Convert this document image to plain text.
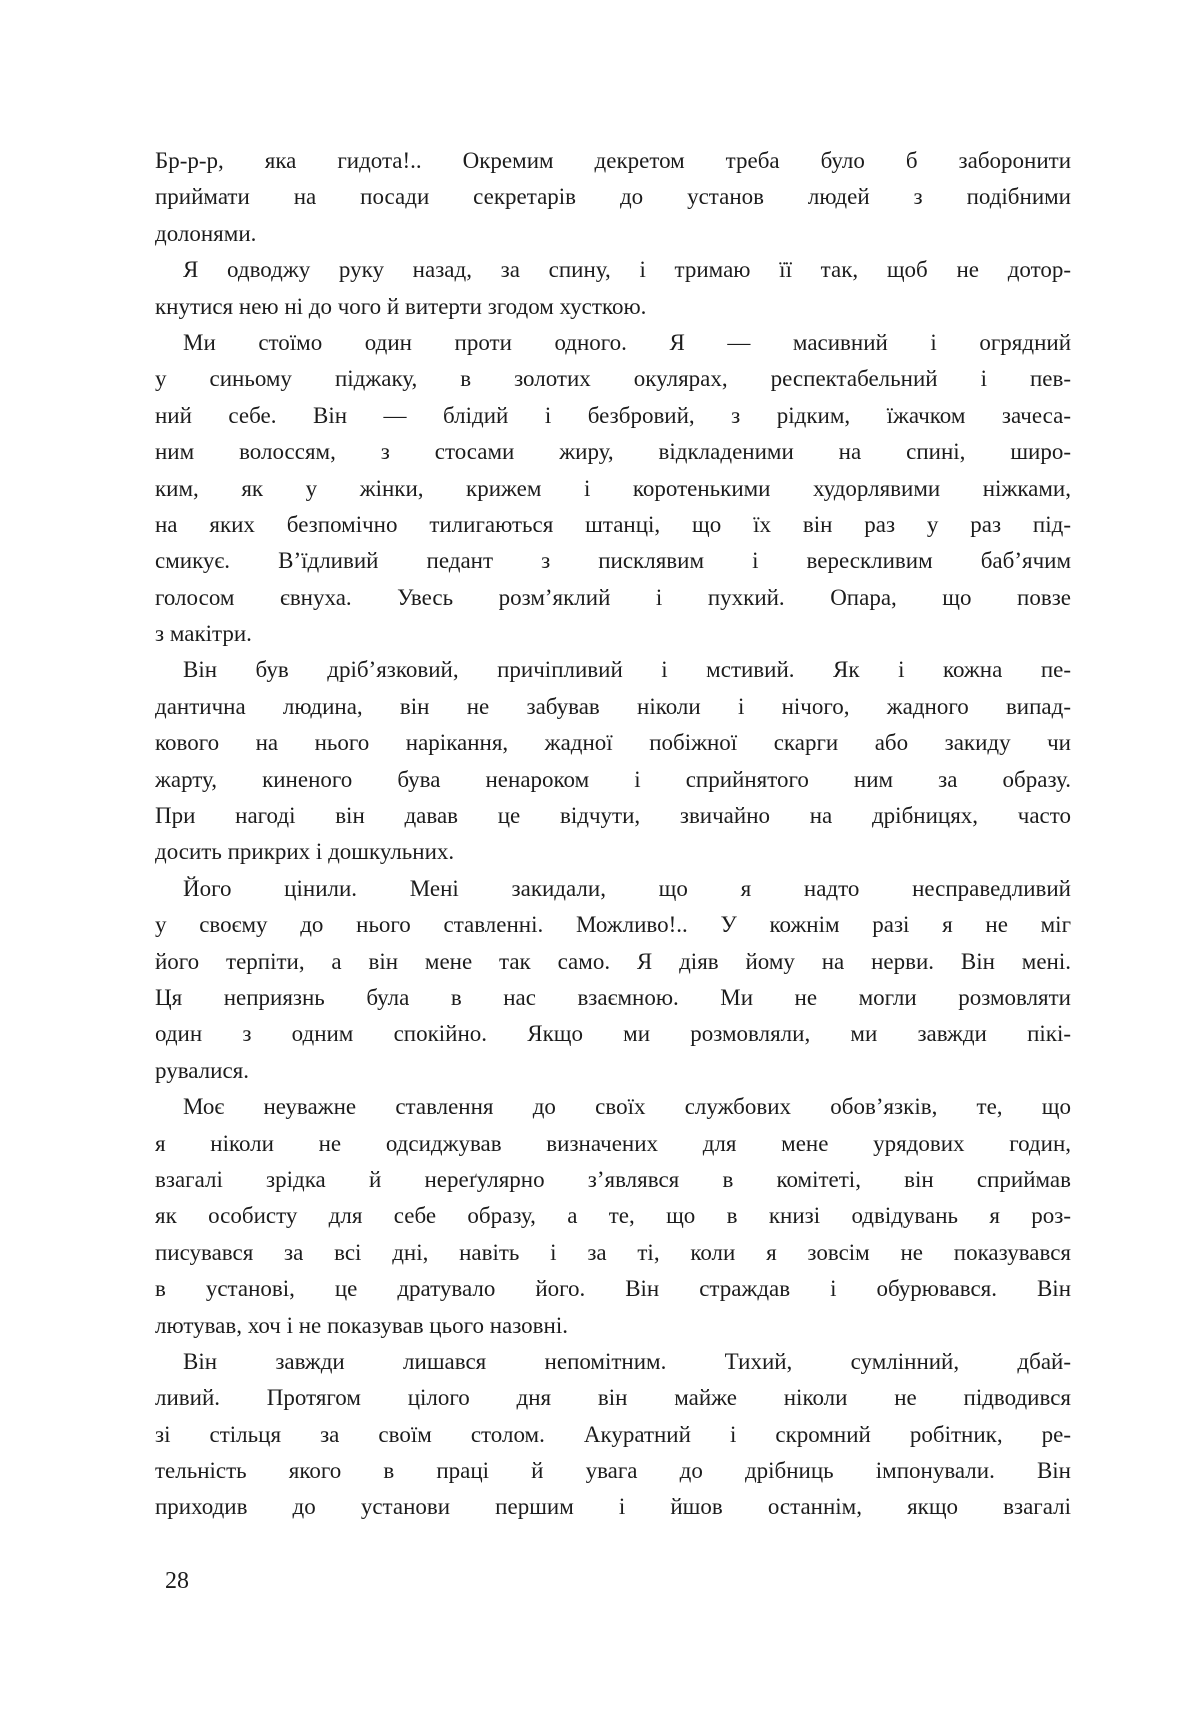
Бр-р-р, яка гидота!.. Окремим декретом треба було б заборонити
приймати на посади секретарів до установ людей з подібними
долонями.
Я одводжу руку назад, за спину, і тримаю її так, щоб не дотор-
кнутися нею ні до чого й витерти згодом хусткою.
Ми стоїмо один проти одного. Я — масивний і огрядний
у синьому піджаку, в золотих окулярах, респектабельний і пев-
ний себе. Він — блідий і безбровий, з рідким, їжачком зачеса-
ним волоссям, з стосами жиру, відкладеними на спині, широ-
ким, як у жінки, крижем і коротенькими худорлявими ніжками,
на яких безпомічно тилигаються штанці, що їх він раз у раз під-
смикує. В’їдливий педант з писклявим і верескливим баб’ячим
голосом євнуха. Увесь розм’яклий і пухкий. Опара, що повзе
з макітри.
Він був дріб’язковий, причіпливий і мстивий. Як і кожна пе-
дантична людина, він не забував ніколи і нічого, жадного випад-
кового на нього нарікання, жадної побіжної скарги або закиду чи
жарту, киненого бува ненароком і сприйнятого ним за образу.
При нагоді він давав це відчути, звичайно на дрібницях, часто
досить прикрих і дошкульних.
Його цінили. Мені закидали, що я надто несправедливий
у своєму до нього ставленні. Можливо!.. У кожнім разі я не міг
його терпіти, а він мене так само. Я діяв йому на нерви. Він мені.
Ця неприязнь була в нас взаємною. Ми не могли розмовляти
один з одним спокійно. Якщо ми розмовляли, ми завжди пікі-
рувалися.
Моє неуважне ставлення до своїх службових обов’язків, те, що
я ніколи не одсиджував визначених для мене урядових годин,
взагалі зрідка й нереґулярно з’являвся в комітеті, він сприймав
як особисту для себе образу, а те, що в книзі одвідувань я роз-
писувався за всі дні, навіть і за ті, коли я зовсім не показувався
в установі, це дратувало його. Він страждав і обурювався. Він
лютував, хоч і не показував цього назовні.
Він завжди лишався непомітним. Тихий, сумлінний, дбай-
ливий. Протягом цілого дня він майже ніколи не підводився
зі стільця за своїм столом. Акуратний і скромний робітник, ре-
тельність якого в праці й увага до дрібниць імпонували. Він
приходив до установи першим і йшов останнім, якщо взагалі
28
